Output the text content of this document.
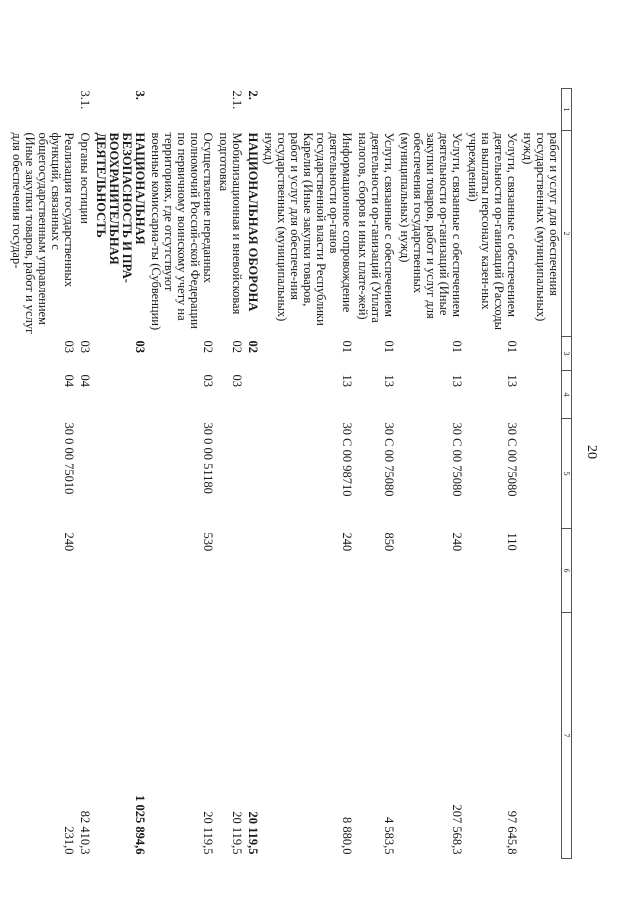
20
1	2	3	4	5	6	7
	работ и услуг для обеспечения государственных (муниципальных) нужд)					
	Услуги, связанные с обеспечением деятельности ор-ганизаций (Расходы на выплаты персоналу казен-ных учреждений)	01	13	30 С 00 75080	110	97 645,8
	Услуги, связанные с обеспечением деятельности ор-ганизаций (Иные закупки товаров, работ и услуг для обеспечения государственных (муниципальных) нужд)	01	13	30 С 00 75080	240	207 568,3
	Услуги, связанные с обеспечением деятельности ор-ганизаций (Уплата налогов, сборов и иных плате-жей)	01	13	30 С 00 75080	850	4 583,5
	Информационное сопровождение деятельности ор-ганов государственной власти Республики Карелия (Иные закупки товаров, работ и услуг для обеспече-ния государственных (муниципальных) нужд)	01	13	30 С 00 98710	240	8 880,0
2.	НАЦИОНАЛЬНАЯ ОБОРОНА	02				20 119,5
2.1.	Мобилизационная и вневойсковая подготовка	02	03			20 119,5
	Осуществление переданных полномочий Россий-ской Федерации по первичному воинскому учету на территориях, где отсутствуют военные комиссариа-ты (Субвенции)	02	03	30 0 00 51180	530	20 119,5
3.	НАЦИОНАЛЬНАЯ БЕЗОПАСНОСТЬ И ПРА-ВООХРАНИТЕЛЬНАЯ ДЕЯТЕЛЬНОСТЬ	03				1 025 894,6
3.1.	Органы юстиции	03	04			82 410,3
	Реализация государственных функций, связанных с общегосударственным управлением (Иные закупки товаров, работ и услуг для обеспечения государ-	03	04	30 0 00 75010	240	231,0
